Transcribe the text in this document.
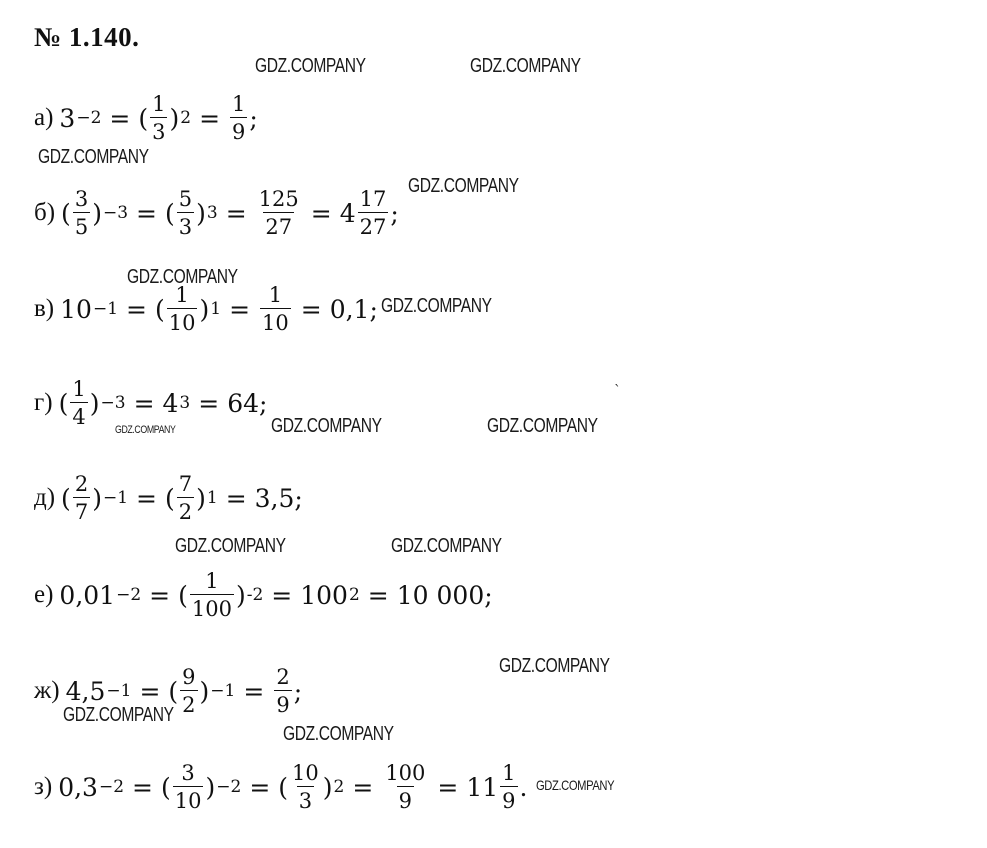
№ 1.140.
GDZ.COMPANY	GDZ.COMPANY
GDZ.COMPANY
GDZ.COMPANY
GDZ.COMPANY
GDZ.COMPANY
GDZ.COMPANY	GDZ.COMPANY	GDZ.COMPANY
GDZ.COMPANY	GDZ.COMPANY
GDZ.COMPANY
GDZ.COMPANY
GDZ.COMPANY
GDZ.COMPANY
ˋ
а) 3 −2 = ( $\frac{1}{3}$ ) $2 = \frac{1}{9}$ ;
б) ( $\frac{3}{5}$ ) −3 = ( $\frac{5}{3}$ ) $3 = \frac{125}{27} = 4 \frac{17}{27}$ ;
в) 10 −1 = ( $\frac{1}{10}$ ) $1 = \frac{1}{10} = 0,1$ ;
г) ( $\frac{1}{4}$ ) −3 = 4 3 = 64 ;
д) ( $\frac{2}{7}$ ) −1 = ( $\frac{7}{2}$ ) 1 = 3,5 ;
е) 0,01 −2 = ( $\frac{1}{100}$ ) -2 = 100 2 = 10 000 ;
ж) 4,5 −1 = ( $\frac{9}{2}$ ) $-1 = \frac{2}{9}$ ;
з) 0,3 −2 = ( $\frac{3}{10}$ ) −2 = ( $\frac{10}{3}$ ) $2 = \frac{100}{9} = 11 \frac{1}{9}$ .
